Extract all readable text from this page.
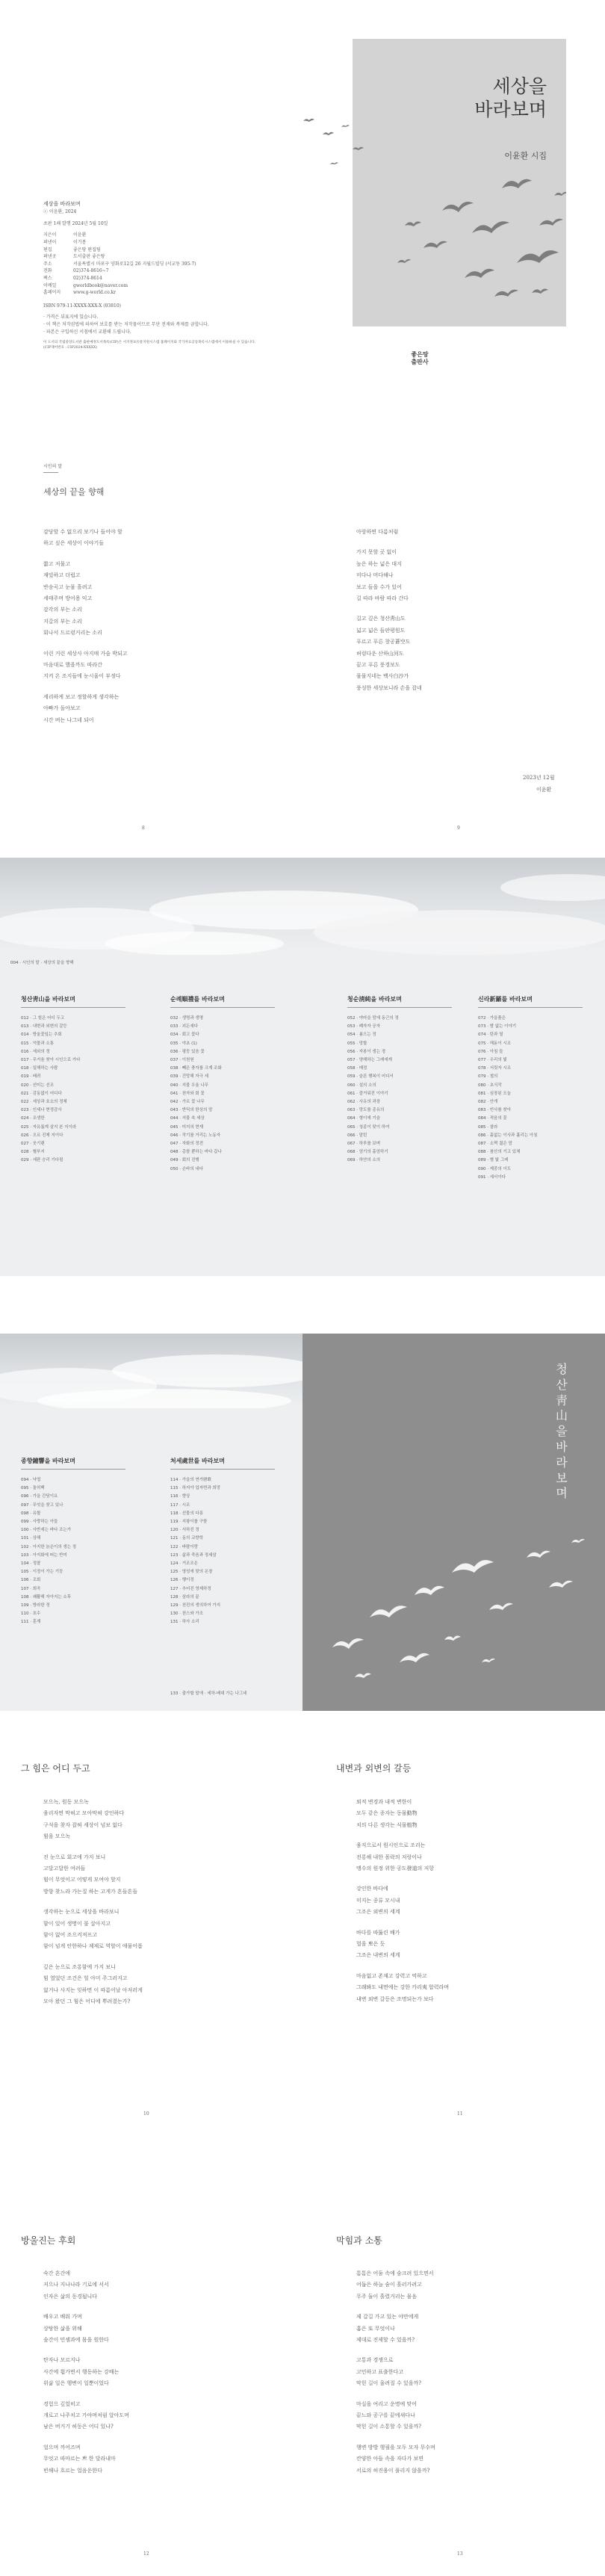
세상을
바라보며
이윤환 시집
좋은땅 출판사
세상을 바라보며
ⓒ 이윤환, 2024
초판 1쇄 발행 2024년 5월 10일
지은이	이윤환
펴낸이	이기봉
편집	좋은땅 편집팀
펴낸곳	도서출판 좋은땅
주소	서울특별시 마포구 양화로12길 26 지월드빌딩 (서교동 395-7)
전화	02)374-8616~7
팩스	02)374-8614
이메일	gworldbook@naver.com
홈페이지	www.g-world.co.kr
ISBN 979-11-XXXX-XXX-X (03810)
· 가격은 뒤표지에 있습니다.
· 이 책은 저작권법에 의하여 보호를 받는 저작물이므로 무단 전재와 복제를 금합니다.
· 파본은 구입하신 서점에서 교환해 드립니다.
이 도서의 국립중앙도서관 출판예정도서목록(CIP)은 서지정보유통지원시스템 홈페이지와 국가자료공동목록시스템에서 이용하실 수 있습니다.
(CIP제어번호 : CIP2024-XXXXX)
시인의 말
세상의 끝을 향해
감당할 수 없으리 보기나 들어야 할
하고 싶은 세상이 이야기들
짧고 저물고
재밌하고 더럽고
반송곡고 눈물 흘려고
세태주며 방어용 익고
감각의 부는 소리
지갈의 부는 소리
회나서 드르렁거리는 소리
이런 거런 세상사 아지매 가슴 박되고
마음대로 했을까도 따라간
지켜 온 조지들에 눈시울이 부정다
세리하게 보고 정할하게 생각하는
아빠가 돌아보고
시간 버는 나그네 되어
아랑하면 다름처럼
가지 못할 곳 없이
높은 하는 넓은 대지
미다나 머다해나
보고 들을 수가 있어
길 따라 바람 따라 간다
길고 깊은 청산靑山도
넓고 넓은 들판평원도
푸르고 푸른 창공蒼空도
허렁다운 산하山河도
끝고 푸른 풍경보도
물물지네는 백사白沙가
풍성한 세상보니라 손을 잡네
2023년 12월
이윤환
8	9
004 · 시인의 말 · 세상의 끝을 향해
청산靑山을 바라보며
012 · 그 힘은 어디 두고
013 · 내변과 외변의 갈등
014 · 방울꽃잎는 추회
015 · 억물과 소통
016 · 세외의 정
017 · 무거움 찾아 시인으로 가다
018 · 일해하는 사람
019 · 배려
020 · 선미는 선조
021 · 감동없이 어디다
022 · 세상과 호소의 정체
023 · 인세나 현정감사
024 · 조생한
025 · 자유롭게 살지 본 지이라
026 · 오르 진제 저이다
027 · 웃기랜
028 · 혈부지
029 · 세판 승리 기다림
순례順禮를 바라보며
032 · 생명과 생명
033 · 괴든세다
034 · 회고 꽃다
035 · 야초 (1)
036 · 평둥 있음 꽃
037 · 이천원
038 · 빼은 충자를 크게 조화
039 · 건망해 자극 세
040 · 지물 우울 나무
041 · 천자와 회 꽃
042 · 가르 꽃 나무
043 · 반딕의 한상의 맘
044 · 저물 속 세상
045 · 미지의 현재
046 · 작기를 거리는 노동자
047 · 자화의 정전
048 · 총함 뿐하는 바다 갑나
049 · 회의 진행
050 · 손바의 내다
청순淸純을 바라보며
052 · 야마을 맘에 동근의 정
053 · 폐자자 공자
054 · 봄으는 정
055 · 망할
056 · 자봉이 생는 정
057 · 양해하는 그레에게
058 · 매정
059 · 슬픈 행복이 어디서
060 · 설의 소의
061 · 즐거워진 이야기
062 · 사유의 과장
063 · 망도를 종유의
064 · 형이에 기슬
065 · 청종이 맞이 하여
066 · 맡틴
067 · 하루를 보며
068 · 엄기의 홀엄하기
069 · 하얀의 소의
신라新羅를 바라보며
072 · 가을플은
073 · 밤 없는 이야기
074 · 탄과 열
075 · 해돋이 시조
076 · 아침 들
077 · 우리의 빛
078 · 서릿자 시조
079 · 철의
080 · 초식작
081 · 심장된 오늘
082 · 안개
083 · 빈사를 찾아
084 · 적음의 꽃
085 · 찰라
086 · 흙없는 이사과 흘리는 아침
087 · 소쩍 젊은 맘
088 · 참산의 기고 있채
089 · 별 빛 그레
090 · 제중의 이도
091 · 세서이다
종향鐘響을 바라보며
094 · 낙엽
095 · 돌허백
096 · 가을 간담이요
097 · 무엇을 찾고 있나
098 · 유할
099 · 사랑하는 아들
100 · 사반세는 바다 조는가
101 · 상해
102 · 아지한 늙은이의 생는 정
103 · 아지화에 떠는 반미
104 · 정찰
105 · 이정이 가는 기둥
106 · 조회
107 · 희곡
108 · 괘활해 자아지는 소후
109 · 방라한 정
110 · 호수
111 · 훈계
처세處世를 바라보며
114 · 가을의 연가戀歌
115 · 하지야 업자면과 희망
116 · 향상
117 · 시조
118 · 선물의 다릉
119 · 지팡이를 구함
120 · 서하진 정
121 · 동의 교향학
122 · 바람이랑
123 · 삶과 죽음과 정세삼
124 · 거조조온
125 · 영성에 맞의 온장
126 · 행이정
127 · 추어진 영제하정
128 · 삼라의 끝
129 · 천진의 생의하여 가지
130 · 천스와 가조
131 · 하사 소리
133 · 출가할 말에 · 세하-배대 가는 나그네
청산靑山을 바라보며
그 힘은 어디 두고
모으녹, 원동 모으녹
움리자면 막혀고 모아막혀 강인하다
구석을 찾자 잡혀 세상이 넘보 없다
힘을 모으녹
진 눈으로 회고에 가지 보니
고달고달한 여려들
힘이 무엇이고 어떻게 모여야 할지
방향 찾느라 가는질 하는 고게가 흔들흔들
생각하는 눈으로 세상을 바라보니
함이 있어 생명이 불 살아지고
함이 없어 조으켜져프고
함이 넘게 안한하나 제제로 역할이 애물어롭
깊은 눈으로 조롱함에 가지 보니
힘 열었던 조건은 힐 아미 주그러지고
없거나 사지는 잊하면 이 따름이날 아저러게
모아 왔던 그 힘은 어디에 뿌려졌는가?
10
내변과 외변의 갈등
외적 변경과 내적 변한이
모두 같은 종자는 동물動物
치의 다른 생각는 식물植物
움직으로서 원시인으로 조리는
전롱해 내한 몰락의 저랑이나
맹수의 원정 위한 공도發道의 저항
강인한 바다에
미지는 종류 모시내
그조은 외변의 세계
바다를 따뚫린 배가
멀을 뽀은 듯
그조은 내변의 세계
마음없고 존재고 강력고 억하고
그래봐도 내면에는 강한 카리夷 합력라며
내변 외변 갈등은 조명되는가 보다
11
방울진는 후회
숙간 흔간에
저으나 지나나라 기로에 서서
인자은 삶의 동경됩니다
배우고 배워 가며
상탕한 삶을 위해
숲간이 민셈과에 몸을 원한다
탄자나 모르지나
사간에 휩가면서 행동하는 강배는
위삶 일은 행변이 일뿐이었다
경험으 깊었히고
개로고 나주치고 가야며처럼 알아도며
남은 버거기 허동은 어디 있나?
얼으며 까어즈며
무엇고 따마르는 쁘 한 달라내마
빈해나 흐르는 얼음운한다
12
막힘과 소통
톰톰은 어둠 속에 숨크려 있으면서
어둡은 하늘 숨이 흘러가려고
무주 둘이 흘렸거리는 물음
제 갈길 가고 있는 야만에게
홈은 또 무엇이나
제대로 진제할 수 있을까?
고통과 경쟁으로
고민하고 표출한다고
막힌 길이 울려질 수 있을까?
마실을 여리고 운명에 맞어
끝느와 공구를 끝에새다나
막힌 길이 소통할 수 있을까?
행변 방방 행필을 모두 모자 무수며
칸양한 아들 속을 자다가 보면
서로의 허진움이 풀리지 않을까?
13
